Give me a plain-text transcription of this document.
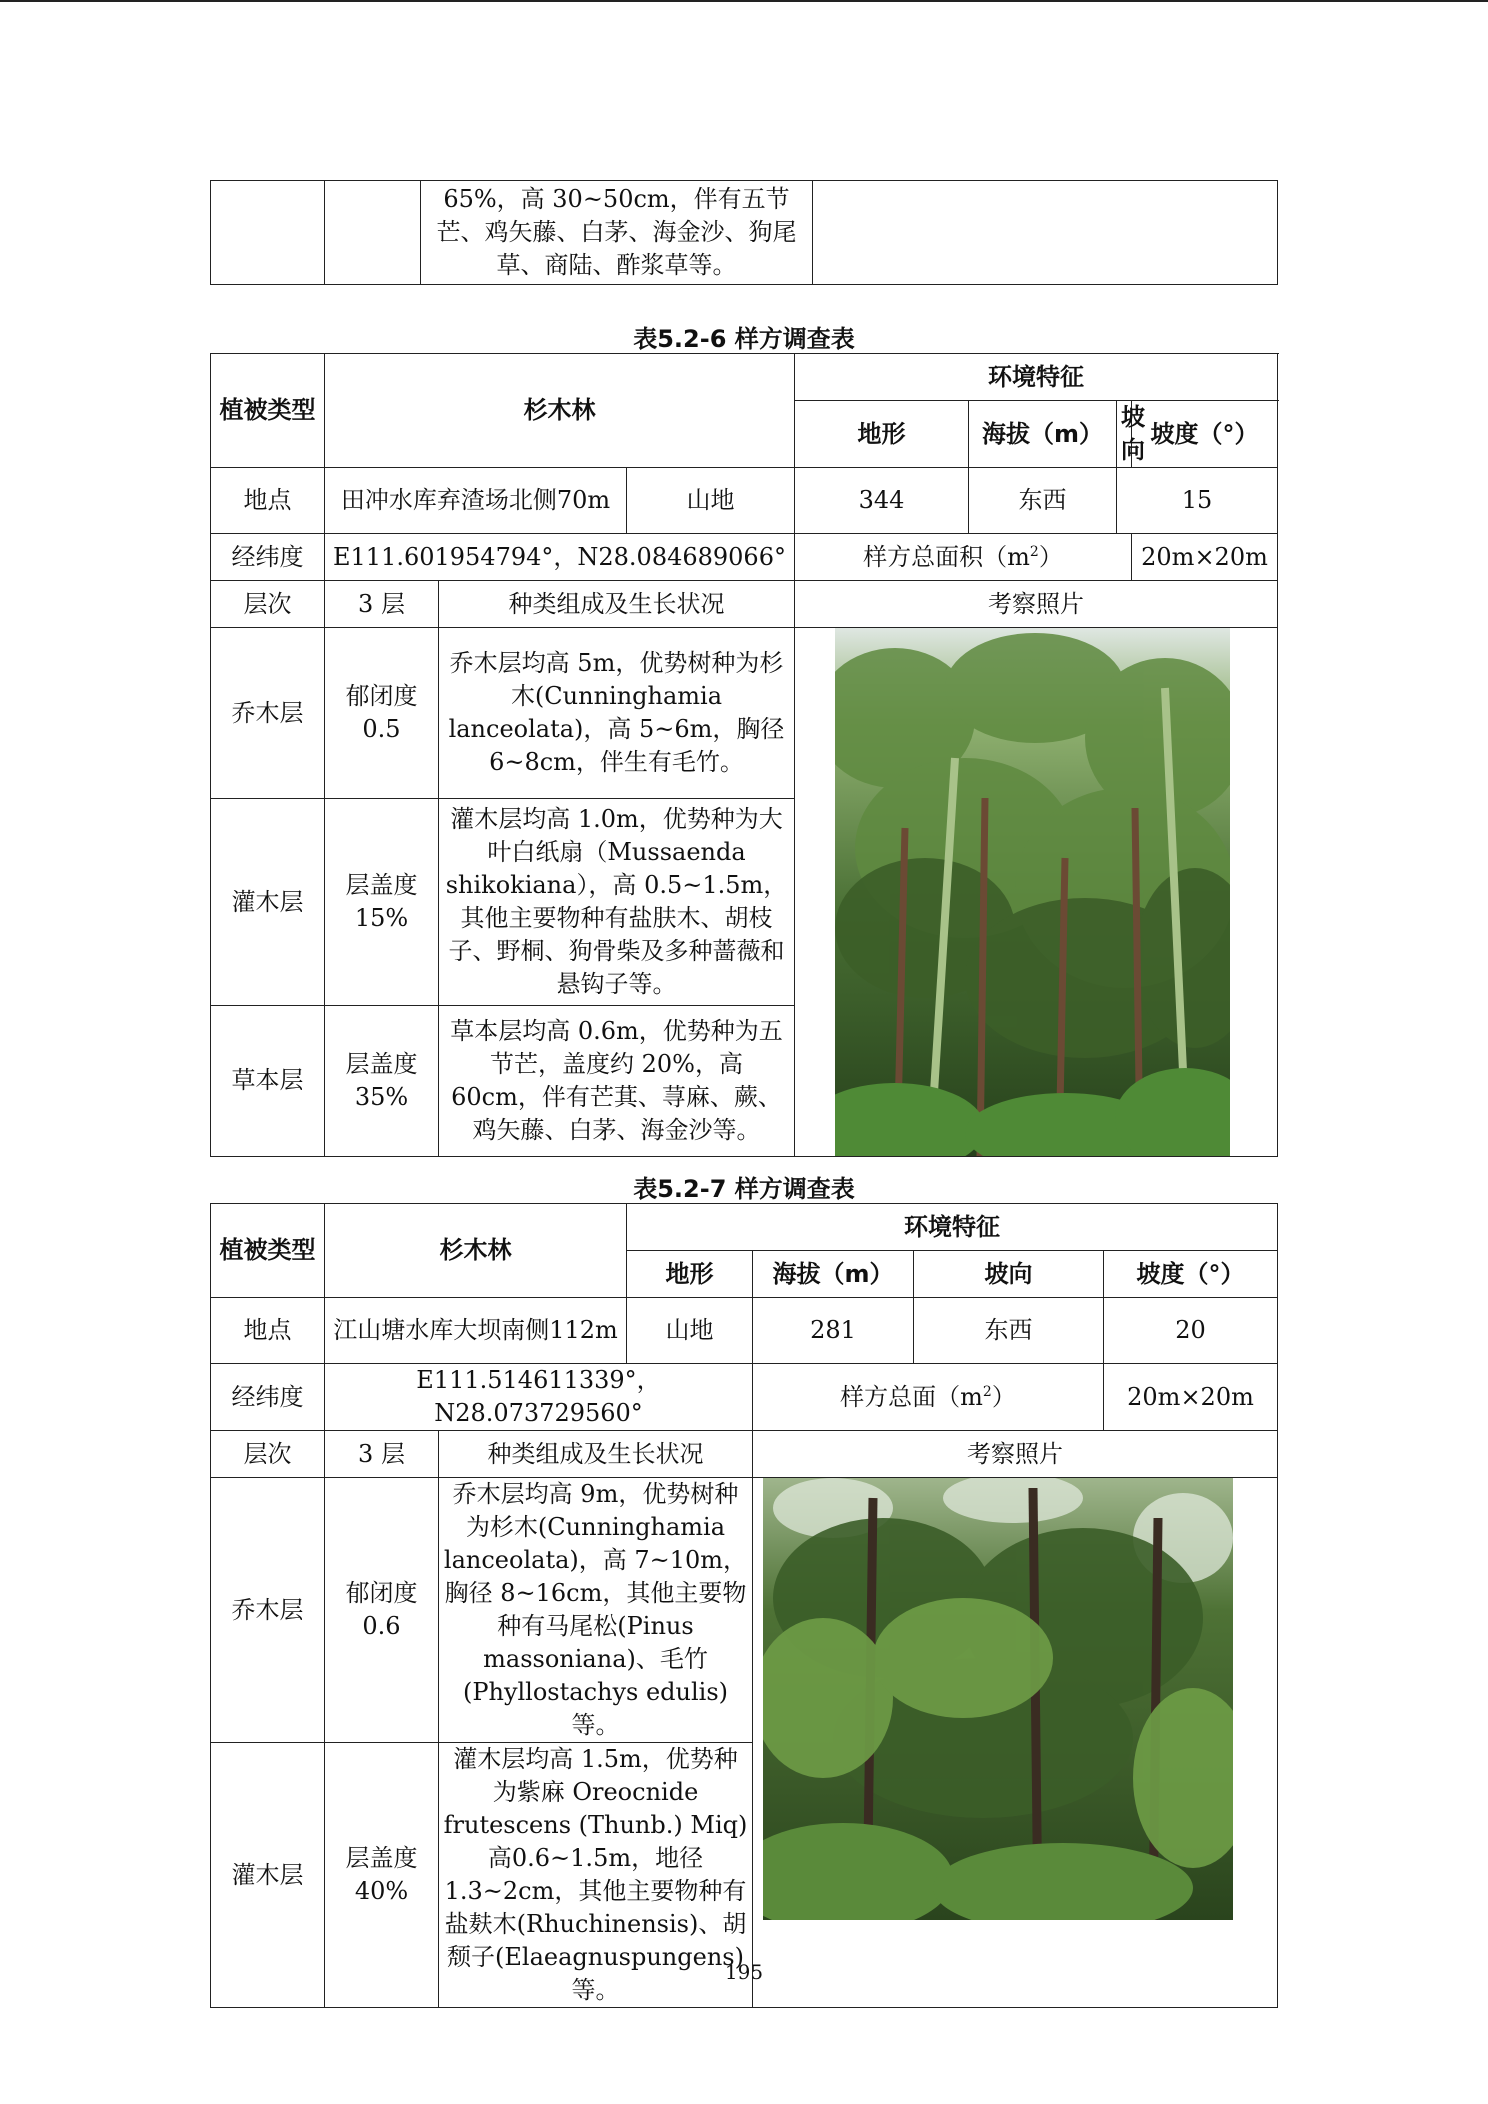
		65%，高 30~50cm，伴有五节芒、鸡矢藤、白茅、海金沙、狗尾草、商陆、酢浆草等。	
表5.2-6 样方调查表
植被类型	杉木林			环境特征			
				地形	海拔（m）	坡向	坡度（°）
地点	田冲水库弃渣场北侧70m		山地	344	东西	15	
经纬度	E111.601954794°，N28.084689066°			样方总面积$(m^2)$			20m×20m
层次	3 层	种类组成及生长状况		考察照片			
乔木层	郁闭度0.5	乔木层均高 5m，优势树种为杉木(Cunninghamia lanceolata)，高 5~6m，胸径 6~8cm，伴生有毛竹。	

灌木层	层盖度15%	灌木层均高 1.0m，优势种为大叶白纸扇（Mussaenda shikokiana），高 0.5~1.5m，其他主要物种有盐肤木、胡枝子、野桐、狗骨柴及多种蔷薇和悬钩子等。					
草本层	层盖度35%	草本层均高 0.6m，优势种为五节芒，盖度约 20%，高 60cm，伴有芒萁、荨麻、蕨、鸡矢藤、白茅、海金沙等。					
表5.2-7 样方调查表
植被类型	杉木林		环境特征			
			地形	海拔（m）	坡向	坡度（°）
地点	江山塘水库大坝南侧112m		山地	281	东西	20
经纬度	E111.514611339°，N28.073729560°			样方总面$(m^2)$		20m×20m
层次	3 层	种类组成及生长状况		考察照片		
乔木层	郁闭度0.6	乔木层均高 9m，优势树种为杉木(Cunninghamia lanceolata)，高 7~10m，胸径 8~16cm，其他主要物种有马尾松(Pinus massoniana)、毛竹(Phyllostachys edulis)等。	

灌木层	层盖度40%	灌木层均高 1.5m，优势种为紫麻 Oreocnide frutescens (Thunb.) Miq)高0.6~1.5m，地径 1.3~2cm，其他主要物种有盐麸木(Rhuchinensis)、胡颓子(Elaeagnuspungens)等。				
195
